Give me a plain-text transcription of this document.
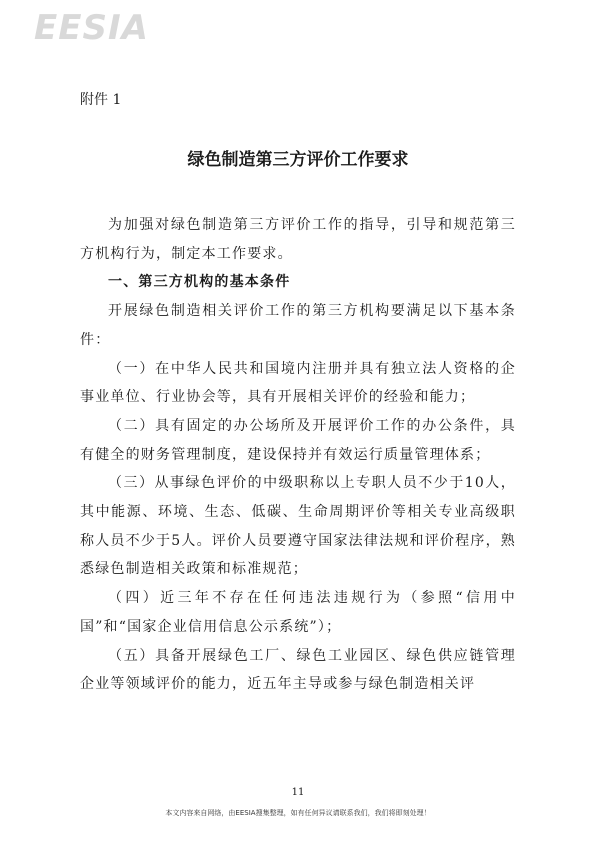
EESIA
附件 1
绿色制造第三方评价工作要求

为加强对绿色制造第三方评价工作的指导，引导和规范第三方机构行为，制定本工作要求。

一、第三方机构的基本条件

开展绿色制造相关评价工作的第三方机构要满足以下基本条件：

（一）在中华人民共和国境内注册并具有独立法人资格的企事业单位、行业协会等，具有开展相关评价的经验和能力；

（二）具有固定的办公场所及开展评价工作的办公条件，具有健全的财务管理制度，建设保持并有效运行质量管理体系；

（三）从事绿色评价的中级职称以上专职人员不少于10人，其中能源、环境、生态、低碳、生命周期评价等相关专业高级职称人员不少于5人。评价人员要遵守国家法律法规和评价程序，熟悉绿色制造相关政策和标准规范；

（四）近三年不存在任何违法违规行为（参照“信用中国”和“国家企业信用信息公示系统”）；

（五）具备开展绿色工厂、绿色工业园区、绿色供应链管理企业等领域评价的能力，近五年主导或参与绿色制造相关评

11
本文内容来自网络，由EESIA搜集整理，如有任何异议请联系我们，我们将即刻处理！
